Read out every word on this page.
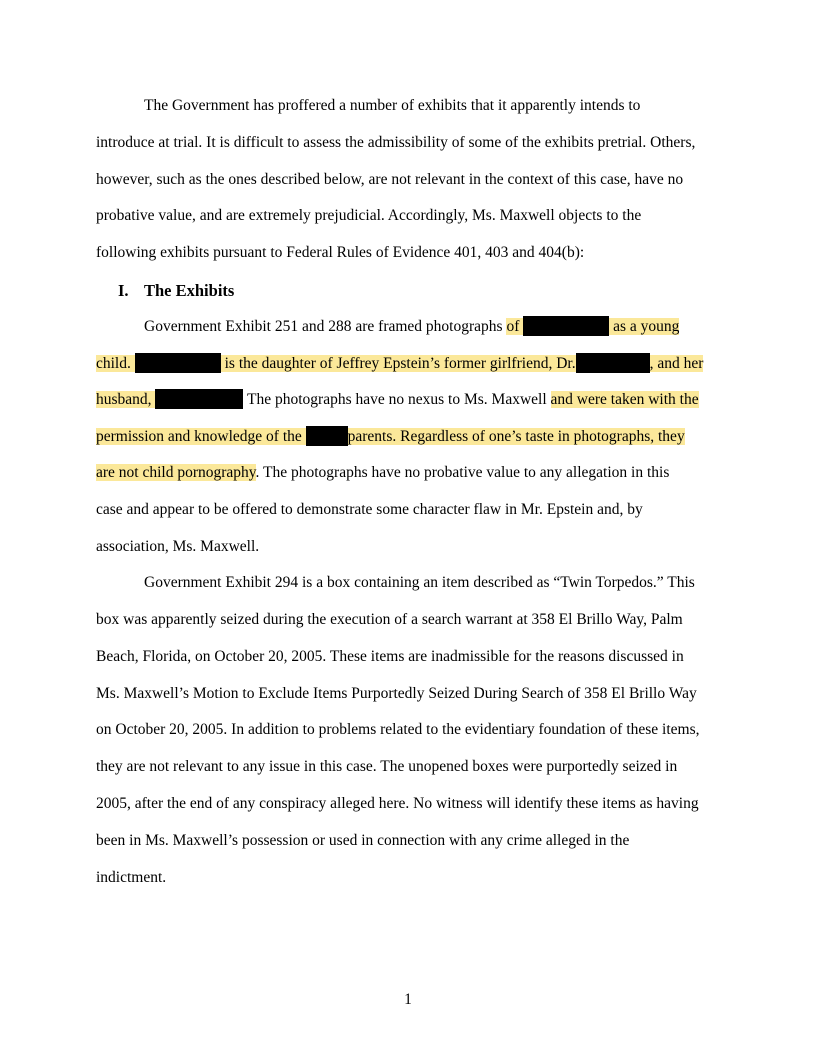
The Government has proffered a number of exhibits that it apparently intends to
introduce at trial. It is difficult to assess the admissibility of some of the exhibits pretrial. Others,
however, such as the ones described below, are not relevant in the context of this case, have no
probative value, and are extremely prejudicial. Accordingly, Ms. Maxwell objects to the
following exhibits pursuant to Federal Rules of Evidence 401, 403 and 404(b):
I. The Exhibits
Government Exhibit 251 and 288 are framed photographs of	as a young
child.	is the daughter of Jeffrey Epstein’s former girlfriend, Dr.	, and her
husband,	The photographs have no nexus to Ms. Maxwell and were taken with the
permission and knowledge of the	parents. Regardless of one’s taste in photographs, they
are not child pornography. The photographs have no probative value to any allegation in this
case and appear to be offered to demonstrate some character flaw in Mr. Epstein and, by
association, Ms. Maxwell.
Government Exhibit 294 is a box containing an item described as “Twin Torpedos.” This
box was apparently seized during the execution of a search warrant at 358 El Brillo Way, Palm
Beach, Florida, on October 20, 2005. These items are inadmissible for the reasons discussed in
Ms. Maxwell’s Motion to Exclude Items Purportedly Seized During Search of 358 El Brillo Way
on October 20, 2005. In addition to problems related to the evidentiary foundation of these items,
they are not relevant to any issue in this case. The unopened boxes were purportedly seized in
2005, after the end of any conspiracy alleged here. No witness will identify these items as having
been in Ms. Maxwell’s possession or used in connection with any crime alleged in the
indictment.
1
